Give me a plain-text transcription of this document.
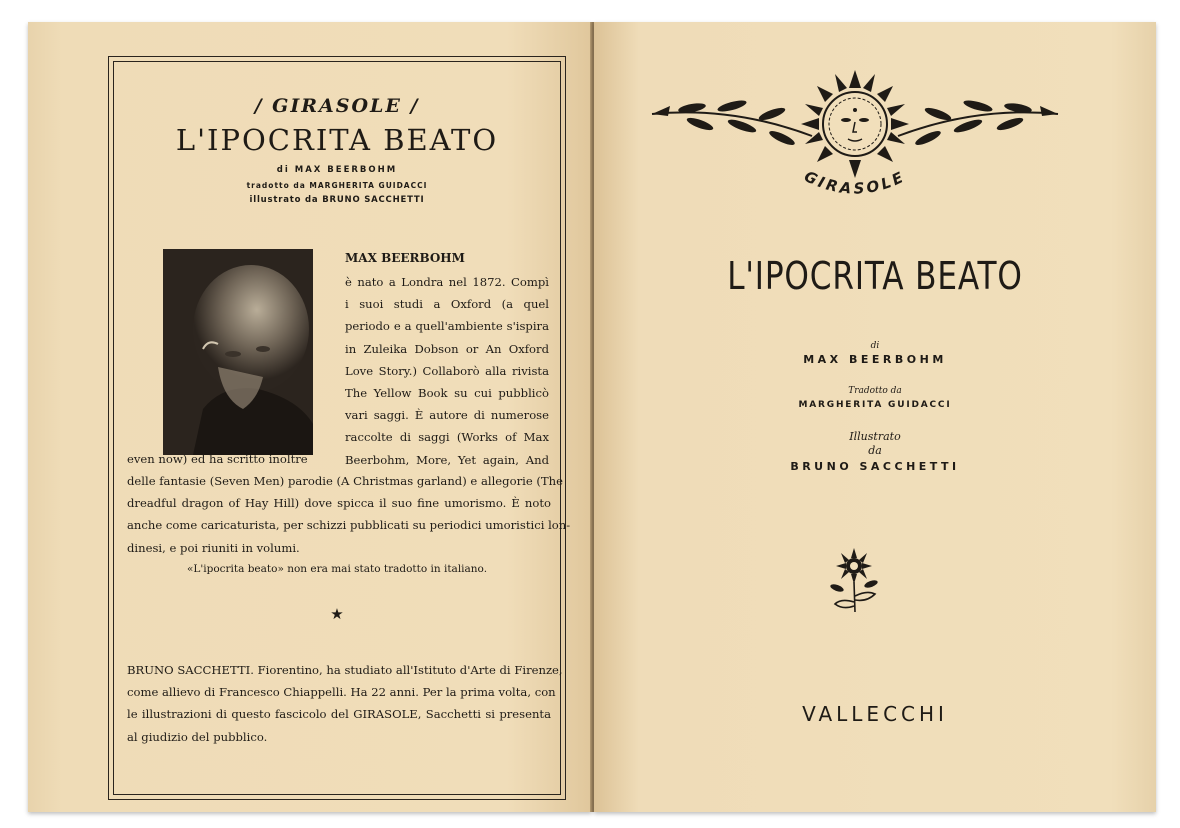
/ GIRASOLE /
L'IPOCRITA BEATO
di MAX BEERBOHM
tradotto da MARGHERITA GUIDACCI
illustrato da BRUNO SACCHETTI
MAX BEERBOHM
è nato a Londra nel 1872. Compì
i suoi studi a Oxford (a quel
periodo e a quell'ambiente s'ispira
in Zuleika Dobson or An Oxford
Love Story.) Collaborò alla rivista
The Yellow Book su cui pubblicò
vari saggi. È autore di numerose
raccolte di saggi (Works of Max
Beerbohm, More, Yet again, And
even now) ed ha scritto inoltre
delle fantasie (Seven Men) parodie (A Christmas garland) e allegorie (The
dreadful dragon of Hay Hill) dove spicca il suo fine umorismo. È noto
anche come caricaturista, per schizzi pubblicati su periodici umoristici lon-
dinesi, e poi riuniti in volumi.
«L'ipocrita beato» non era mai stato tradotto in italiano.
★
BRUNO SACCHETTI. Fiorentino, ha studiato all'Istituto d'Arte di Firenze,
come allievo di Francesco Chiappelli. Ha 22 anni. Per la prima volta, con
le illustrazioni di questo fascicolo del GIRASOLE, Sacchetti si presenta
al giudizio del pubblico.
GIRASOLE
L'IPOCRITA BEATO
di
MAX BEERBOHM
Tradotto da
MARGHERITA GUIDACCI
Illustrato
da
BRUNO SACCHETTI
VALLECCHI
